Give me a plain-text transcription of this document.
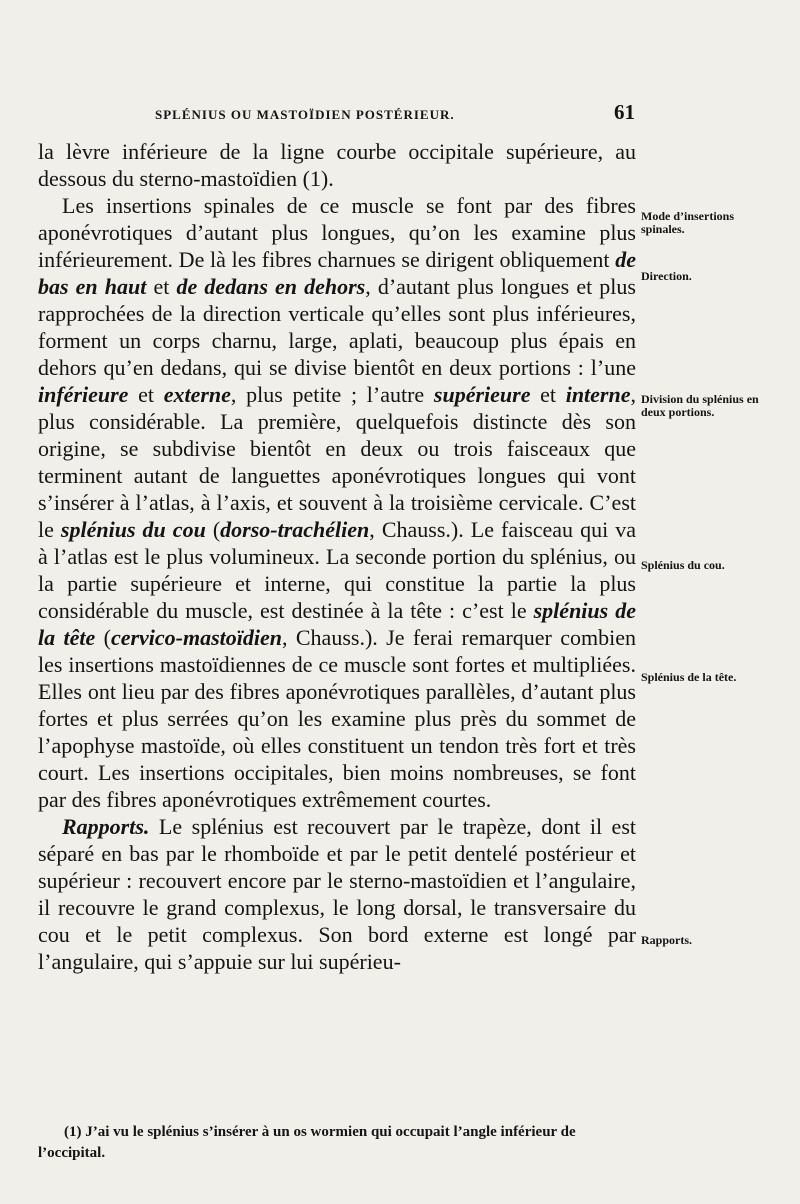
SPLÉNIUS OU MASTOÏDIEN POSTÉRIEUR.	61

la lèvre inférieure de la ligne courbe occipitale supérieure, au dessous du sterno-mastoïdien (1).

Les insertions spinales de ce muscle se font par des fibres aponévrotiques d’autant plus longues, qu’on les examine plus inférieurement. De là les fibres charnues se dirigent obliquement de bas en haut et de dedans en dehors, d’autant plus longues et plus rapprochées de la direction verticale qu’elles sont plus inférieures, forment un corps charnu, large, aplati, beaucoup plus épais en dehors qu’en dedans, qui se divise bientôt en deux portions : l’une inférieure et externe, plus petite ; l’autre supérieure et interne, plus considérable. La première, quelquefois distincte dès son origine, se subdivise bientôt en deux ou trois faisceaux que terminent autant de languettes aponévrotiques longues qui vont s’insérer à l’atlas, à l’axis, et souvent à la troisième cervicale. C’est le splénius du cou (dorso-trachélien, Chauss.). Le faisceau qui va à l’atlas est le plus volumineux. La seconde portion du splénius, ou la partie supérieure et interne, qui constitue la partie la plus considérable du muscle, est destinée à la tête : c’est le splénius de la tête (cervico-mastoïdien, Chauss.). Je ferai remarquer combien les insertions mastoïdiennes de ce muscle sont fortes et multipliées. Elles ont lieu par des fibres aponévrotiques parallèles, d’autant plus fortes et plus serrées qu’on les examine plus près du sommet de l’apophyse mastoïde, où elles constituent un tendon très fort et très court. Les insertions occipitales, bien moins nombreuses, se font par des fibres aponévrotiques extrêmement courtes.

Rapports. Le splénius est recouvert par le trapèze, dont il est séparé en bas par le rhomboïde et par le petit dentelé postérieur et supérieur : recouvert encore par le sterno-mastoïdien et l’angulaire, il recouvre le grand complexus, le long dorsal, le transversaire du cou et le petit complexus. Son bord externe est longé par l’angulaire, qui s’appuie sur lui supérieu-

Mode d’insertions spinales.
Direction.
Division du splénius en deux portions.
Splénius du cou.
Splénius de la tête.
Rapports.

(1) J’ai vu le splénius s’insérer à un os wormien qui occupait l’angle inférieur de l’occipital.
